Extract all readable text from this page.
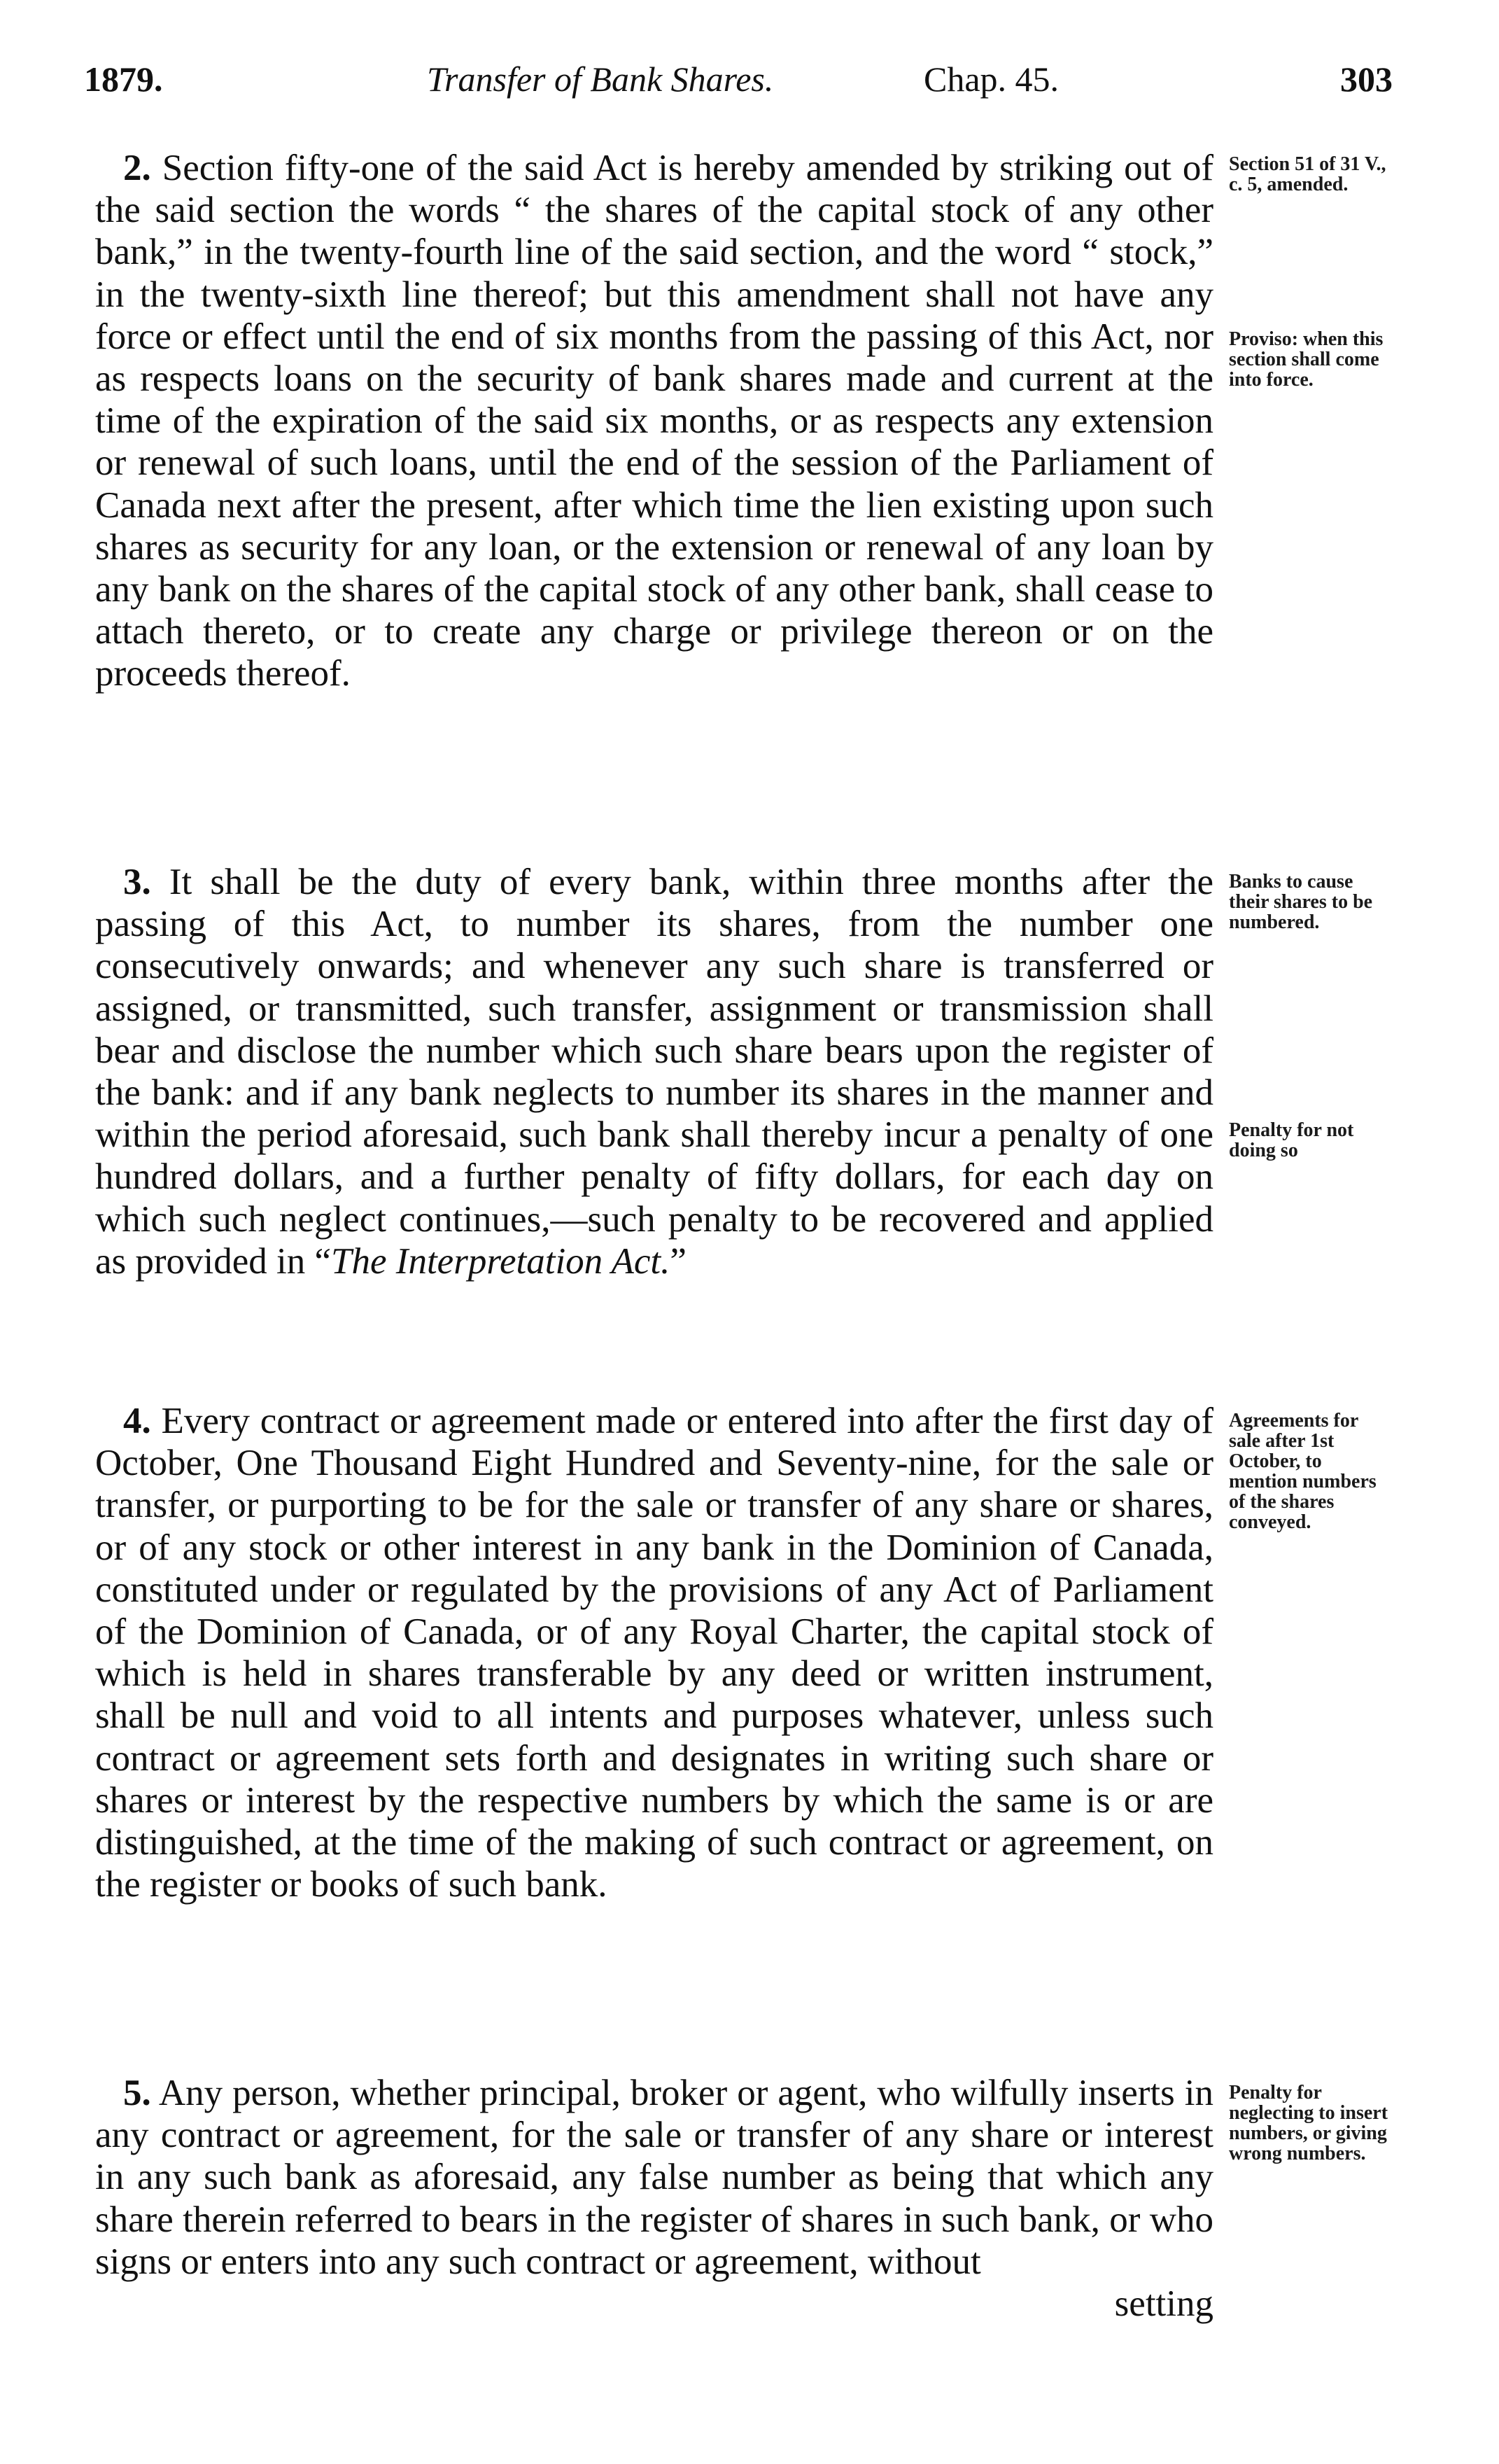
1879.	Transfer of Bank Shares.	Chap. 45.	303

2. Section fifty-one of the said Act is hereby amended by striking out of the said section the words “ the shares of the capital stock of any other bank,” in the twenty-fourth line of the said section, and the word “ stock,” in the twenty-sixth line thereof; but this amendment shall not have any force or effect until the end of six months from the passing of this Act, nor as respects loans on the security of bank shares made and current at the time of the expiration of the said six months, or as respects any extension or renewal of such loans, until the end of the session of the Parliament of Canada next after the present, after which time the lien existing upon such shares as security for any loan, or the extension or renewal of any loan by any bank on the shares of the capital stock of any other bank, shall cease to attach thereto, or to create any charge or privilege thereon or on the proceeds thereof.

Section 51 of 31 V., c. 5, amended.
Proviso: when this section shall come into force.

3. It shall be the duty of every bank, within three months after the passing of this Act, to number its shares, from the number one consecutively onwards; and whenever any such share is transferred or assigned, or transmitted, such transfer, assignment or transmission shall bear and disclose the number which such share bears upon the register of the bank: and if any bank neglects to number its shares in the manner and within the period aforesaid, such bank shall thereby incur a penalty of one hundred dollars, and a further penalty of fifty dollars, for each day on which such neglect continues,—such penalty to be recovered and applied as provided in “The Interpretation Act.”

Banks to cause their shares to be numbered.
Penalty for not doing so

4. Every contract or agreement made or entered into after the first day of October, One Thousand Eight Hundred and Seventy-nine, for the sale or transfer, or purporting to be for the sale or transfer of any share or shares, or of any stock or other interest in any bank in the Dominion of Canada, constituted under or regulated by the provisions of any Act of Parliament of the Dominion of Canada, or of any Royal Charter, the capital stock of which is held in shares transferable by any deed or written instrument, shall be null and void to all intents and purposes whatever, unless such contract or agreement sets forth and designates in writing such share or shares or interest by the respective numbers by which the same is or are distinguished, at the time of the making of such contract or agreement, on the register or books of such bank.

Agreements for sale after 1st October, to mention numbers of the shares conveyed.

5. Any person, whether principal, broker or agent, who wilfully inserts in any contract or agreement, for the sale or transfer of any share or interest in any such bank as aforesaid, any false number as being that which any share therein referred to bears in the register of shares in such bank, or who signs or enters into any such contract or agreement, without

setting

Penalty for neglecting to insert numbers, or giving wrong numbers.
